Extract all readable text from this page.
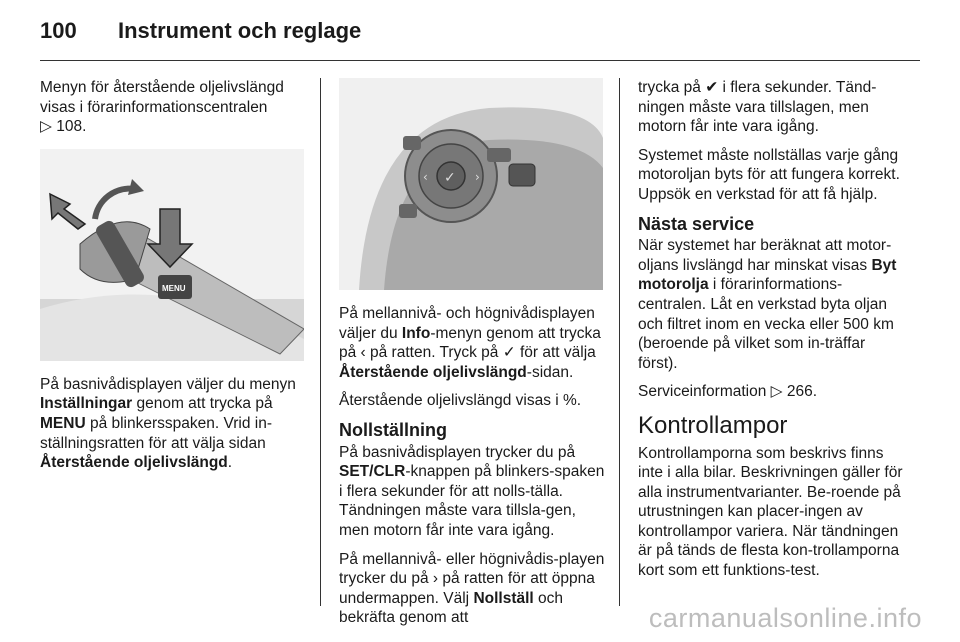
100 Instrument och reglage

Menyn för återstående oljelivslängd visas i förarinformationscentralen
▷ 108.

MENU

På basnivådisplayen väljer du menyn Inställningar genom att trycka på MENU på blinkersspaken. Vrid in-ställningsratten för att välja sidan Återstående oljelivslängd.

✓
‹	›

På mellannivå- och högnivådisplayen väljer du Info-menyn genom att trycka på ‹ på ratten. Tryck på ✓ för att välja Återstående oljelivslängd-sidan.

Återstående oljelivslängd visas i %.

Nollställning

På basnivådisplayen trycker du på SET/CLR-knappen på blinkers-spaken i flera sekunder för att nolls-tälla. Tändningen måste vara tillsla-gen, men motorn får inte vara igång.

På mellannivå- eller högnivådis-playen trycker du på › på ratten för att öppna undermappen. Välj Nollställ och bekräfta genom att

trycka på ✔ i flera sekunder. Tänd-ningen måste vara tillslagen, men motorn får inte vara igång.

Systemet måste nollställas varje gång motoroljan byts för att fungera korrekt. Uppsök en verkstad för att få hjälp.

Nästa service

När systemet har beräknat att motor-oljans livslängd har minskat visas Byt motorolja i förarinformations-centralen. Låt en verkstad byta oljan och filtret inom en vecka eller 500 km (beroende på vilket som in-träffar först).

Serviceinformation ▷ 266.

Kontrollampor

Kontrollamporna som beskrivs finns inte i alla bilar. Beskrivningen gäller för alla instrumentvarianter. Be-roende på utrustningen kan placer-ingen av kontrollampor variera. När tändningen är på tänds de flesta kon-trollamporna kort som ett funktions-test.

carmanualsonline.info
